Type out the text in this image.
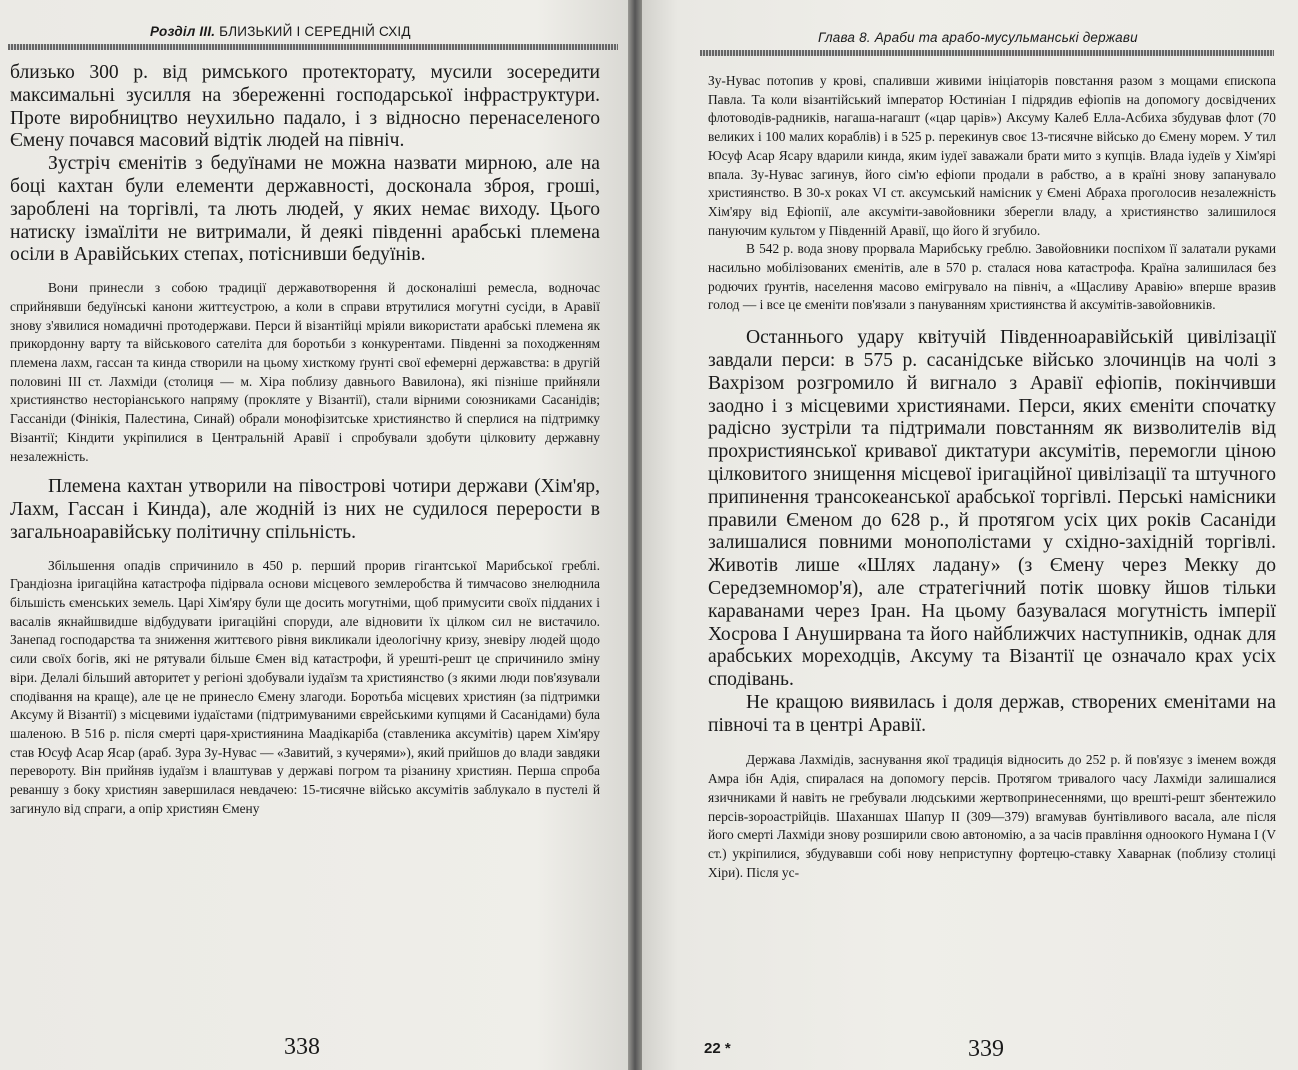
Розділ III. БЛИЗЬКИЙ І СЕРЕДНІЙ СХІД

близько 300 р. від римського протекторату, мусили зосередити максимальні зусилля на збереженні господарської інфраструктури. Проте виробництво неухильно падало, і з відносно перенаселеного Ємену почався масовий відтік людей на північ.

Зустріч єменітів з бедуїнами не можна назвати мирною, але на боці кахтан були елементи державності, досконала зброя, гроші, зароблені на торгівлі, та лють людей, у яких немає виходу. Цього натиску ізмаїліти не витримали, й деякі південні арабські племена осіли в Аравійських степах, потіснивши бедуїнів.

Вони принесли з собою традиції державотворення й досконаліші ремесла, водночас сприйнявши бедуїнські канони життєустрою, а коли в справи втрутилися могутні сусіди, в Аравії знову з'явилися номадичні протодержави. Перси й візантійці мріяли використати арабські племена як прикордонну варту та військового сателіта для боротьби з конкурентами. Південні за походженням племена лахм, гассан та кинда створили на цьому хисткому ґрунті свої ефемерні державства: в другій половині III ст. Лахміди (столиця — м. Хіра поблизу давнього Вавилона), які пізніше прийняли християнство несторіанського напряму (прокляте у Візантії), стали вірними союзниками Сасанідів; Гассаніди (Фінікія, Палестина, Синай) обрали монофізитське християнство й сперлися на підтримку Візантії; Кіндити укріпилися в Центральній Аравії і спробували здобути цілковиту державну незалежність.

Племена кахтан утворили на півострові чотири держави (Хім'яр, Лахм, Гассан і Кинда), але жодній із них не судилося перерости в загальноаравійську політичну спільність.

Збільшення опадів спричинило в 450 р. перший прорив гігантської Марибської греблі. Грандіозна іригаційна катастрофа підірвала основи місцевого землеробства й тимчасово знелюднила більшість єменських земель. Царі Хім'яру були ще досить могутніми, щоб примусити своїх підданих і васалів якнайшвидше відбудувати іригаційні споруди, але відновити їх цілком сил не вистачило. Занепад господарства та зниження життєвого рівня викликали ідеологічну кризу, зневіру людей щодо сили своїх богів, які не рятували більше Ємен від катастрофи, й урешті-решт це спричинило зміну віри. Делалі більший авторитет у регіоні здобували іудаїзм та християнство (з якими люди пов'язували сподівання на краще), але це не принесло Ємену злагоди. Боротьба місцевих християн (за підтримки Аксуму й Візантії) з місцевими іудаїстами (підтримуваними єврейськими купцями й Сасанідами) була шаленою. В 516 р. після смерті царя-християнина Маадікаріба (ставленика аксумітів) царем Хім'яру став Юсуф Асар Ясар (араб. Зура Зу-Нувас — «Завитий, з кучерями»), який прийшов до влади завдяки перевороту. Він прийняв іудаїзм і влаштував у державі погром та різанину християн. Перша спроба реваншу з боку християн завершилася невдачею: 15-тисячне військо аксумітів заблукало в пустелі й загинуло від спраги, а опір християн Ємену

338
Глава 8. Араби та арабо-мусульманські держави

Зу-Нувас потопив у крові, спаливши живими ініціаторів повстання разом з мощами єпископа Павла. Та коли візантійський імператор Юстиніан I підрядив ефіопів на допомогу досвідчених флотоводів-радників, нагаша-нагашт («цар царів») Аксуму Калеб Елла-Аcбиха збудував флот (70 великих і 100 малих кораблів) і в 525 р. перекинув своє 13-тисячне військо до Ємену морем. У тил Юсуф Асар Ясару вдарили кинда, яким іудеї заважали брати мито з купців. Влада іудеїв у Хім'ярі впала. Зу-Нувас загинув, його сім'ю ефіопи продали в рабство, а в країні знову запанувало християнство. В 30-х роках VI ст. аксумський намісник у Ємені Абраха проголосив незалежність Хім'яру від Ефіопії, але аксуміти-завойовники зберегли владу, а християнство залишилося пануючим культом у Південній Аравії, що його й згубило.

В 542 р. вода знову прорвала Марибську греблю. Завойовники поспіхом її залатали руками насильно мобілізованих єменітів, але в 570 р. сталася нова катастрофа. Країна залишилася без родючих ґрунтів, населення масово емігрувало на північ, а «Щасливу Аравію» вперше вразив голод — і все це єменіти пов'язали з пануванням християнства й аксумітів-завойовників.

Останнього удару квітучій Південноаравійській цивілізації завдали перси: в 575 р. сасанідське військо злочинців на чолі з Вахрізом розгромило й вигнало з Аравії ефіопів, покінчивши заодно і з місцевими християнами. Перси, яких єменіти спочатку радісно зустріли та підтримали повстанням як визволителів від прохристиянської кривавої диктатури аксумітів, перемогли ціною цілковитого знищення місцевої іригаційної цивілізації та штучного припинення трансокеанської арабської торгівлі. Перські намісники правили Єменом до 628 р., й протягом усіх цих років Сасаніди залишалися повними монополістами у східно-західній торгівлі. Животів лише «Шлях ладану» (з Ємену через Мекку до Середземномор'я), але стратегічний потік шовку йшов тільки караванами через Іран. На цьому базувалася могутність імперії Хосрова I Ануширвана та його найближчих наступників, однак для арабських мореходців, Аксуму та Візантії це означало крах усіх сподівань.

Не кращою виявилась і доля держав, створених єменітами на півночі та в центрі Аравії.

Держава Лахмідів, заснування якої традиція відносить до 252 р. й пов'язує з іменем вождя Амра ібн Адія, спиралася на допомогу персів. Протягом тривалого часу Лахміди залишалися язичниками й навіть не гребували людськими жертвопринесеннями, що врешті-решт збентежило персів-зороастрійців. Шаханшах Шапур II (309—379) вгамував бунтівливого васала, але після його смерті Лахміди знову розширили свою автономію, а за часів правління одноокого Нумана I (V ст.) укріпилися, збудувавши собі нову неприступну фортецю-ставку Хаварнак (поблизу столиці Хіри). Після ус-

22 *	339
